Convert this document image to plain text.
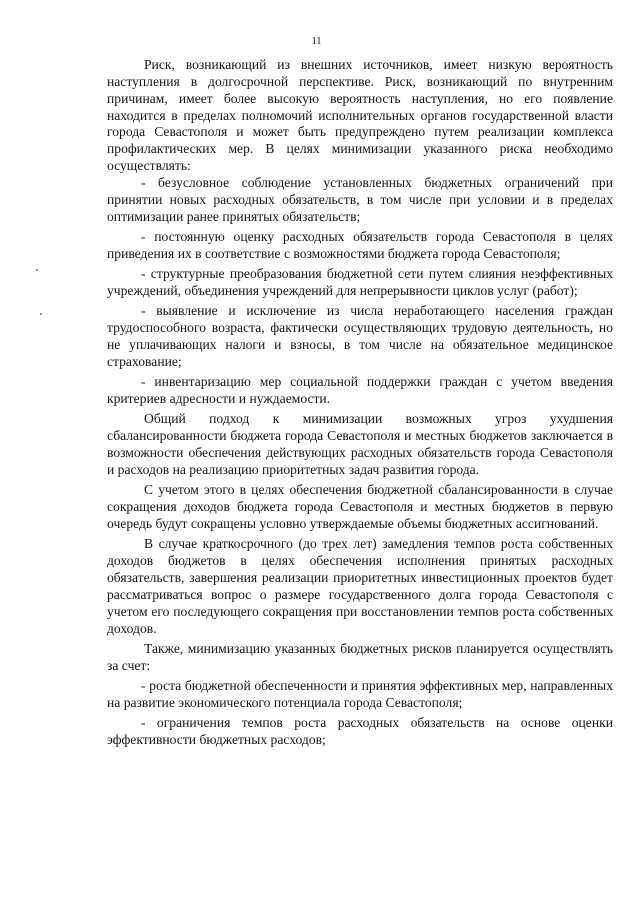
11

Риск, возникающий из внешних источников, имеет низкую вероятность наступления в долгосрочной перспективе. Риск, возникающий по внутренним причинам, имеет более высокую вероятность наступления, но его появление находится в пределах полномочий исполнительных органов государственной власти города Севастополя и может быть предупреждено путем реализации комплекса профилактических мер. В целях минимизации указанного риска необходимо осуществлять:

- безусловное соблюдение установленных бюджетных ограничений при принятии новых расходных обязательств, в том числе при условии и в пределах оптимизации ранее принятых обязательств;

- постоянную оценку расходных обязательств города Севастополя в целях приведения их в соответствие с возможностями бюджета города Севастополя;

- структурные преобразования бюджетной сети путем слияния неэффективных учреждений, объединения учреждений для непрерывности циклов услуг (работ);

- выявление и исключение из числа неработающего населения граждан трудоспособного возраста, фактически осуществляющих трудовую деятельность, но не уплачивающих налоги и взносы, в том числе на обязательное медицинское страхование;

- инвентаризацию мер социальной поддержки граждан с учетом введения критериев адресности и нуждаемости.

Общий подход к минимизации возможных угроз ухудшения сбалансированности бюджета города Севастополя и местных бюджетов заключается в возможности обеспечения действующих расходных обязательств города Севастополя и расходов на реализацию приоритетных задач развития города.

С учетом этого в целях обеспечения бюджетной сбалансированности в случае сокращения доходов бюджета города Севастополя и местных бюджетов в первую очередь будут сокращены условно утверждаемые объемы бюджетных ассигнований.

В случае краткосрочного (до трех лет) замедления темпов роста собственных доходов бюджетов в целях обеспечения исполнения принятых расходных обязательств, завершения реализации приоритетных инвестиционных проектов будет рассматриваться вопрос о размере государственного долга города Севастополя с учетом его последующего сокращения при восстановлении темпов роста собственных доходов.

Также, минимизацию указанных бюджетных рисков планируется осуществлять за счет:

- роста бюджетной обеспеченности и принятия эффективных мер, направленных на развитие экономического потенциала города Севастополя;

- ограничения темпов роста расходных обязательств на основе оценки эффективности бюджетных расходов;
